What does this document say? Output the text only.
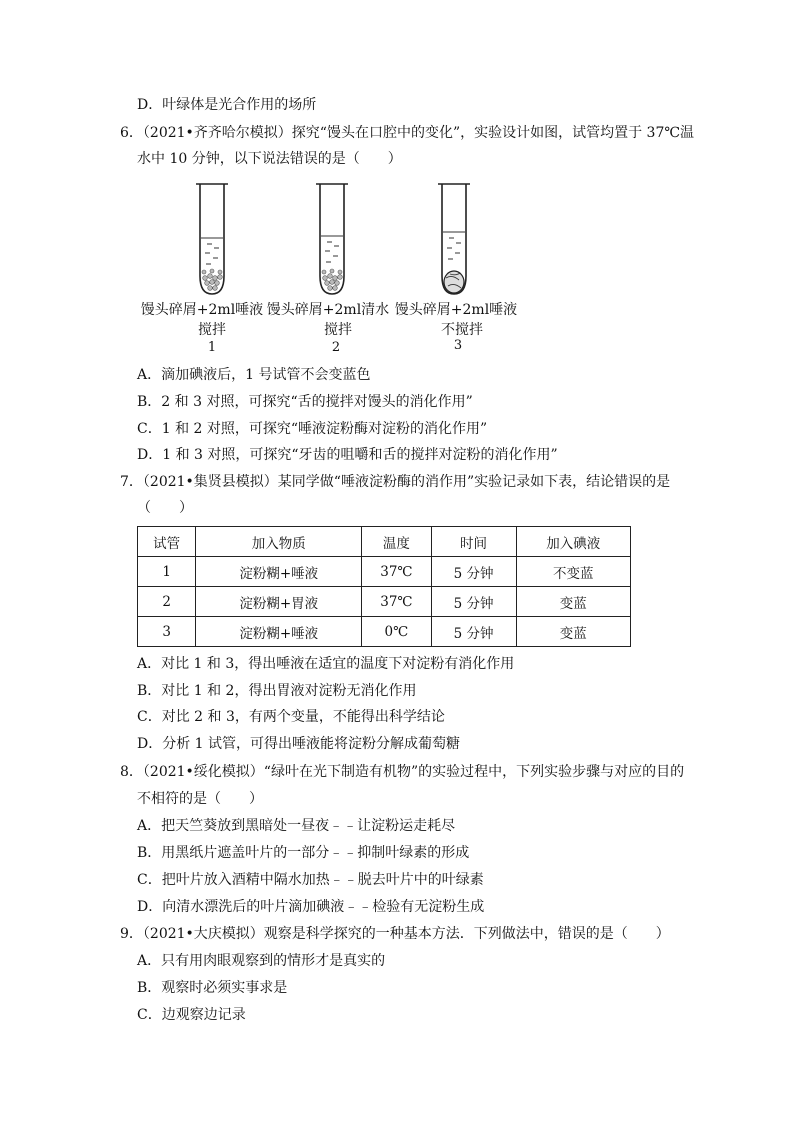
D．叶绿体是光合作用的场所
6．（2021•齐齐哈尔模拟）探究“馒头在口腔中的变化”，实验设计如图，试管均置于 37℃温
水中 10 分钟，以下说法错误的是（　　）
馒头碎屑+2ml唾液
搅拌
1
馒头碎屑+2ml清水
搅拌
2
馒头碎屑+2ml唾液
不搅拌
3
A．滴加碘液后，1 号试管不会变蓝色
B．2 和 3 对照，可探究“舌的搅拌对馒头的消化作用”
C．1 和 2 对照，可探究“唾液淀粉酶对淀粉的消化作用”
D．1 和 3 对照，可探究“牙齿的咀嚼和舌的搅拌对淀粉的消化作用”
7．（2021•集贤县模拟）某同学做“唾液淀粉酶的消作用”实验记录如下表，结论错误的是
（　　）
试管	加入物质	温度	时间	加入碘液
1	淀粉糊+唾液	37℃	5 分钟	不变蓝
2	淀粉糊+胃液	37℃	5 分钟	变蓝
3	淀粉糊+唾液	0℃	5 分钟	变蓝
A．对比 1 和 3，得出唾液在适宜的温度下对淀粉有消化作用
B．对比 1 和 2，得出胃液对淀粉无消化作用
C．对比 2 和 3，有两个变量，不能得出科学结论
D．分析 1 试管，可得出唾液能将淀粉分解成葡萄糖
8．（2021•绥化模拟）“绿叶在光下制造有机物”的实验过程中，下列实验步骤与对应的目的
不相符的是（　　）
A．把天竺葵放到黑暗处一昼夜﹣﹣让淀粉运走耗尽
B．用黑纸片遮盖叶片的一部分﹣﹣抑制叶绿素的形成
C．把叶片放入酒精中隔水加热﹣﹣脱去叶片中的叶绿素
D．向清水漂洗后的叶片滴加碘液﹣﹣检验有无淀粉生成
9．（2021•大庆模拟）观察是科学探究的一种基本方法．下列做法中，错误的是（　　）
A．只有用肉眼观察到的情形才是真实的
B．观察时必须实事求是
C．边观察边记录
